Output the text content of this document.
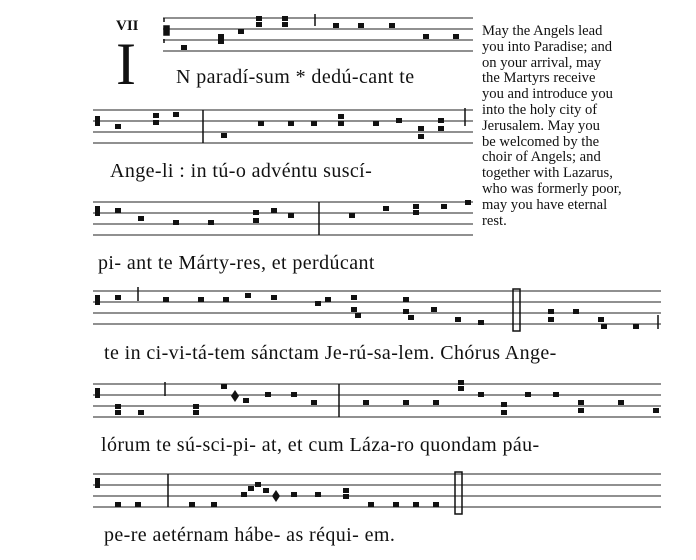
VII
I N paradí-sum * dedú-cant te
Ange-li : in tú-o advéntu suscí-
pi- ant te Márty-res, et perdúcant
te in ci-vi-tá-tem sánctam Je-rú-sa-lem. Chórus Ange-
lórum te sú-sci-pi- at, et cum Láza-ro quondam páu-
pe-re aetérnam hábe- as réqui- em.
May the Angels lead
you into Paradise; and
on your arrival, may
the Martyrs receive
you and introduce you
into the holy city of
Jerusalem. May you
be welcomed by the
choir of Angels; and
together with Lazarus,
who was formerly poor,
may you have eternal
rest.
